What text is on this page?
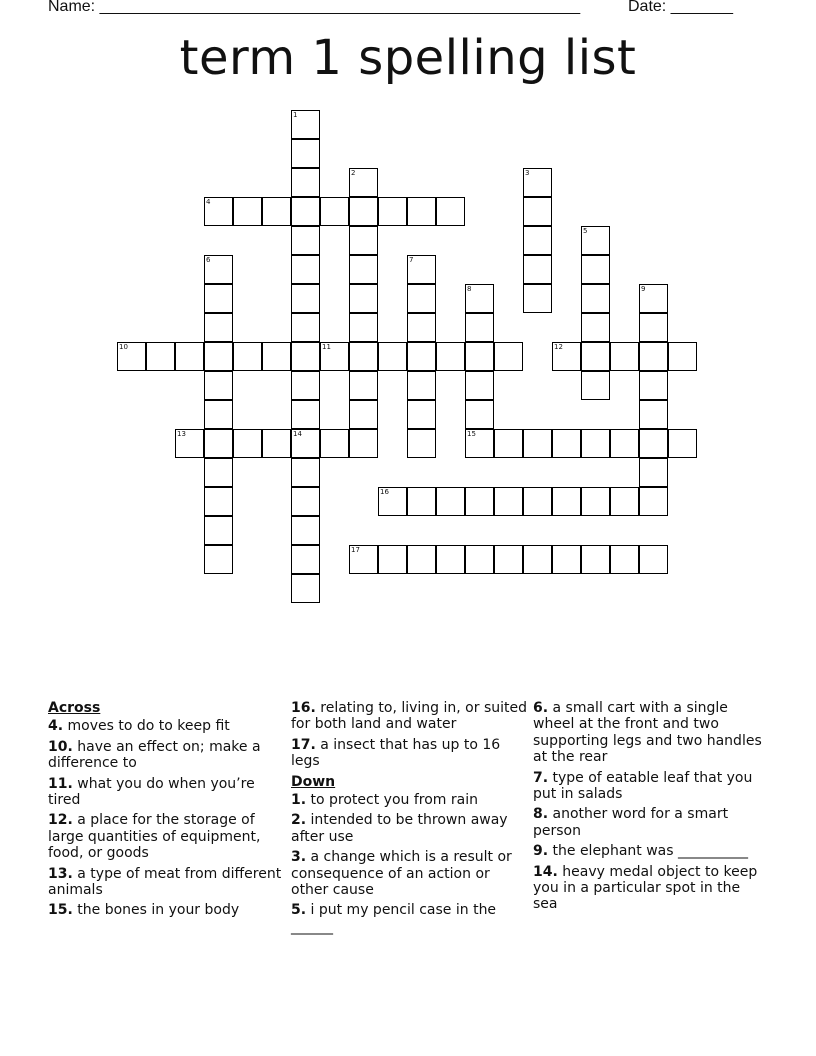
Name: ______________________________________________________	Date: _______
term 1 spelling list
1
14
2	3
4
5
6	7
8
15
9
10	11	12
13
16
17
Across
4. moves to do to keep fit
10. have an effect on; make a difference to
11. what you do when you’re tired
12. a place for the storage of large quantities of equipment, food, or goods
13. a type of meat from different animals
15. the bones in your body
16. relating to, living in, or suited for both land and water
17. a insect that has up to 16 legs
Down
1. to protect you from rain
2. intended to be thrown away after use
3. a change which is a result or consequence of an action or other cause
5. i put my pencil case in the ______
6. a small cart with a single wheel at the front and two supporting legs and two handles at the rear
7. type of eatable leaf that you put in salads
8. another word for a smart person
9. the elephant was __________
14. heavy medal object to keep you in a particular spot in the sea
